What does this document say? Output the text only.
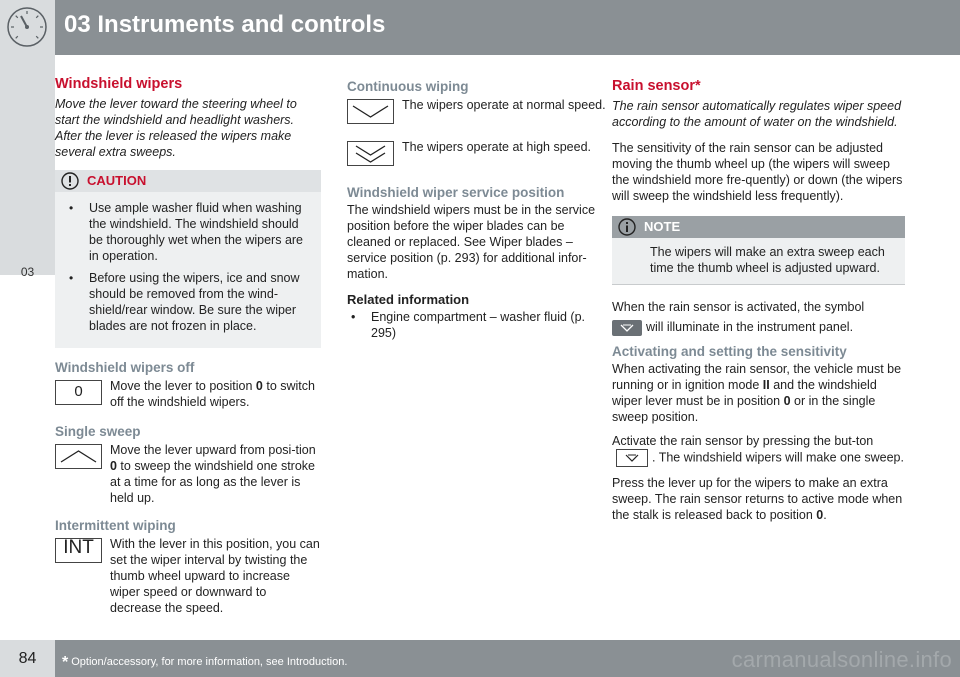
03 Instruments and controls
03
Windshield wipers
Move the lever toward the steering wheel to start the windshield and headlight washers. After the lever is released the wipers make several extra sweeps.
CAUTION
• Use ample washer fluid when washing the windshield. The windshield should be thoroughly wet when the wipers are in operation.
• Before using the wipers, ice and snow should be removed from the wind-shield/rear window. Be sure the wiper blades are not frozen in place.
Windshield wipers off
0	Move the lever to position 0 to switch off the windshield wipers.
Single sweep
Move the lever upward from posi-tion 0 to sweep the windshield one stroke at a time for as long as the lever is held up.
Intermittent wiping
INT	With the lever in this position, you can set the wiper interval by twisting the thumb wheel upward to increase wiper speed or downward to decrease the speed.
Continuous wiping
The wipers operate at normal speed.
The wipers operate at high speed.
Windshield wiper service position

The windshield wipers must be in the service position before the wiper blades can be cleaned or replaced. See Wiper blades – service position (p. 293) for additional infor-mation.

Related information
• Engine compartment – washer fluid (p. 295)
Rain sensor*
The rain sensor automatically regulates wiper speed according to the amount of water on the windshield.

The sensitivity of the rain sensor can be adjusted moving the thumb wheel up (the wipers will sweep the windshield more fre-quently) or down (the wipers will sweep the windshield less frequently).

NOTE
The wipers will make an extra sweep each time the thumb wheel is adjusted upward.

When the rain sensor is activated, the symbol

will illuminate in the instrument panel.

Activating and setting the sensitivity

When activating the rain sensor, the vehicle must be running or in ignition mode II and the windshield wiper lever must be in position 0 or in the single sweep position.

Activate the rain sensor by pressing the but-ton
. The windshield wipers will make one sweep.

Press the lever up for the wipers to make an extra sweep. The rain sensor returns to active mode when the stalk is released back to position 0.

84	* Option/accessory, for more information, see Introduction.	carmanualsonline.info
